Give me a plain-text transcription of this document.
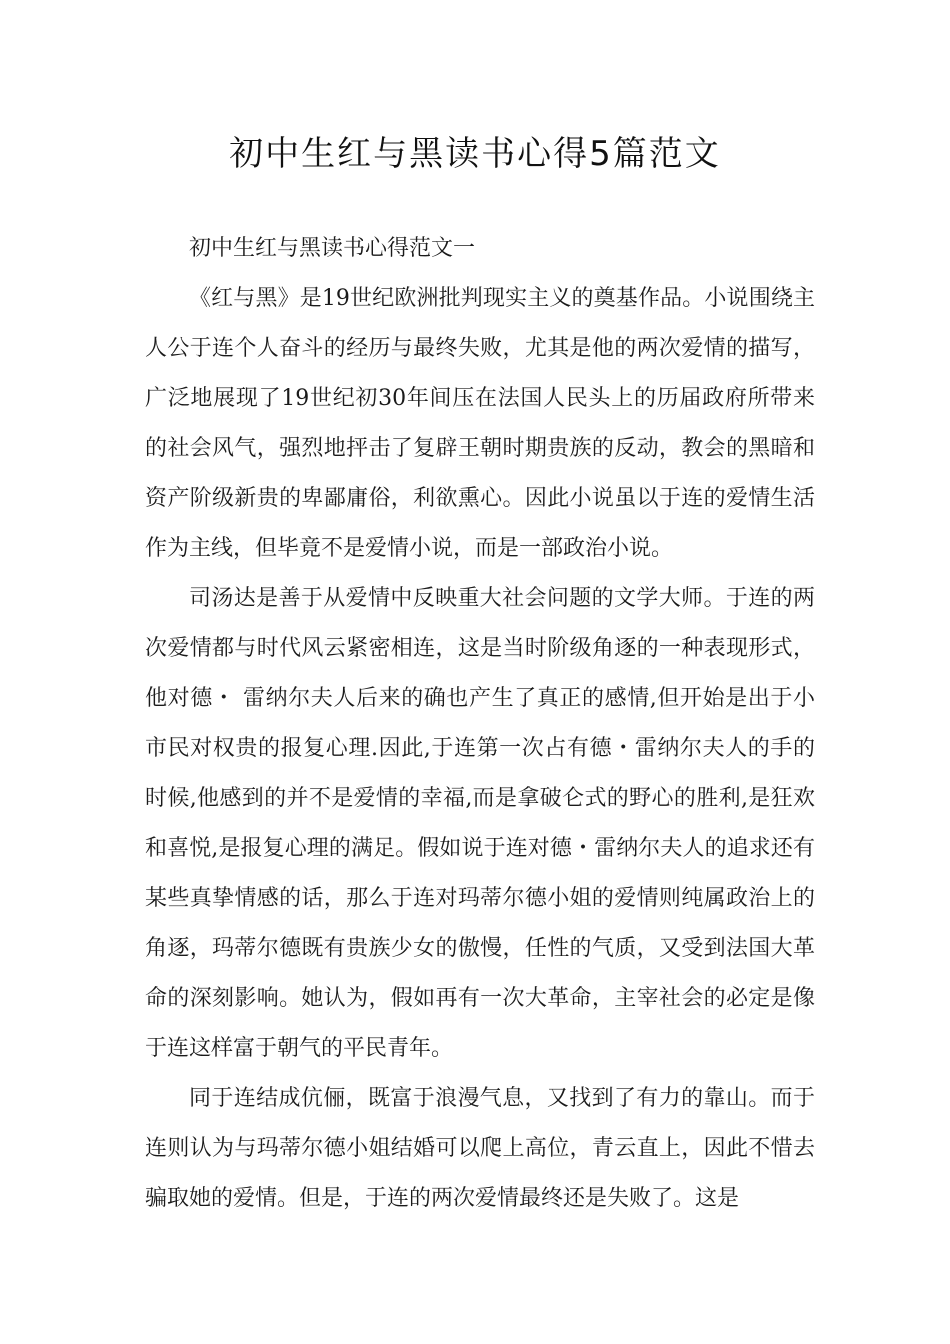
初中生红与黑读书心得5篇范文

初中生红与黑读书心得范文一

《红与黑》是19世纪欧洲批判现实主义的奠基作品。小说围绕主人公于连个人奋斗的经历与最终失败，尤其是他的两次爱情的描写，广泛地展现了19世纪初30年间压在法国人民头上的历届政府所带来的社会风气，强烈地抨击了复辟王朝时期贵族的反动，教会的黑暗和资产阶级新贵的卑鄙庸俗，利欲熏心。因此小说虽以于连的爱情生活作为主线，但毕竟不是爱情小说，而是一部政治小说。

司汤达是善于从爱情中反映重大社会问题的文学大师。于连的两次爱情都与时代风云紧密相连，这是当时阶级角逐的一种表现形式，他对德・ 雷纳尔夫人后来的确也产生了真正的感情,但开始是出于小市民对权贵的报复心理.因此,于连第一次占有德・雷纳尔夫人的手的时候,他感到的并不是爱情的幸福,而是拿破仑式的野心的胜利,是狂欢和喜悦,是报复心理的满足。假如说于连对德・雷纳尔夫人的追求还有某些真挚情感的话，那么于连对玛蒂尔德小姐的爱情则纯属政治上的角逐，玛蒂尔德既有贵族少女的傲慢，任性的气质，又受到法国大革命的深刻影响。她认为，假如再有一次大革命，主宰社会的必定是像于连这样富于朝气的平民青年。

同于连结成伉俪，既富于浪漫气息，又找到了有力的靠山。而于连则认为与玛蒂尔德小姐结婚可以爬上高位，青云直上，因此不惜去骗取她的爱情。但是，于连的两次爱情最终还是失败了。这是
